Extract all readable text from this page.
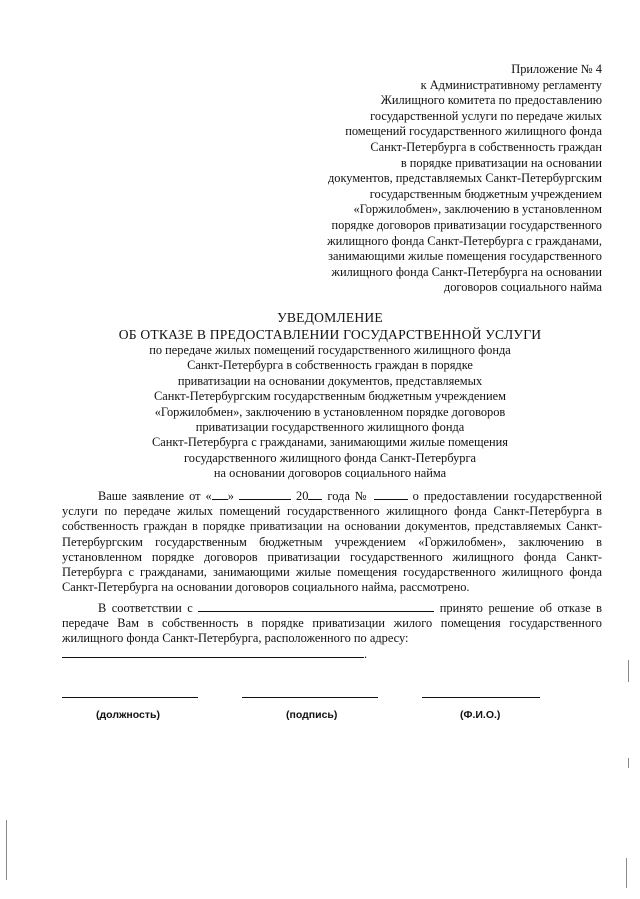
Приложение № 4
к Административному регламенту
Жилищного комитета по предоставлению
государственной услуги по передаче жилых
помещений государственного жилищного фонда
Санкт-Петербурга в собственность граждан
в порядке приватизации на основании
документов, представляемых Санкт-Петербургским
государственным бюджетным учреждением
«Горжилобмен», заключению в установленном
порядке договоров приватизации государственного
жилищного фонда Санкт-Петербурга с гражданами,
занимающими жилые помещения государственного
жилищного фонда Санкт-Петербурга на основании
договоров социального найма
УВЕДОМЛЕНИЕ
ОБ ОТКАЗЕ В ПРЕДОСТАВЛЕНИИ ГОСУДАРСТВЕННОЙ УСЛУГИ
по передаче жилых помещений государственного жилищного фонда
Санкт-Петербурга в собственность граждан в порядке
приватизации на основании документов, представляемых
Санкт-Петербургским государственным бюджетным учреждением
«Горжилобмен», заключению в установленном порядке договоров
приватизации государственного жилищного фонда
Санкт-Петербурга с гражданами, занимающими жилые помещения
государственного жилищного фонда Санкт-Петербурга
на основании договоров социального найма
Ваше заявление от « »	20 года №	о предоставлении государственной услуги по передаче жилых помещений государственного жилищного фонда Санкт-Петербурга в собственность граждан в порядке приватизации на основании документов, представляемых Санкт-Петербургским государственным бюджетным учреждением «Горжилобмен», заключению в установленном порядке договоров приватизации государственного жилищного фонда Санкт-Петербурга с гражданами, занимающими жилые помещения государственного жилищного фонда Санкт-Петербурга на основании договоров социального найма, рассмотрено.
В соответствии с	принято решение об отказе в передаче Вам в собственность в порядке приватизации жилого помещения государственного жилищного фонда Санкт-Петербурга, расположенного по адресу:
.
(должность)	(подпись)	(Ф.И.О.)
